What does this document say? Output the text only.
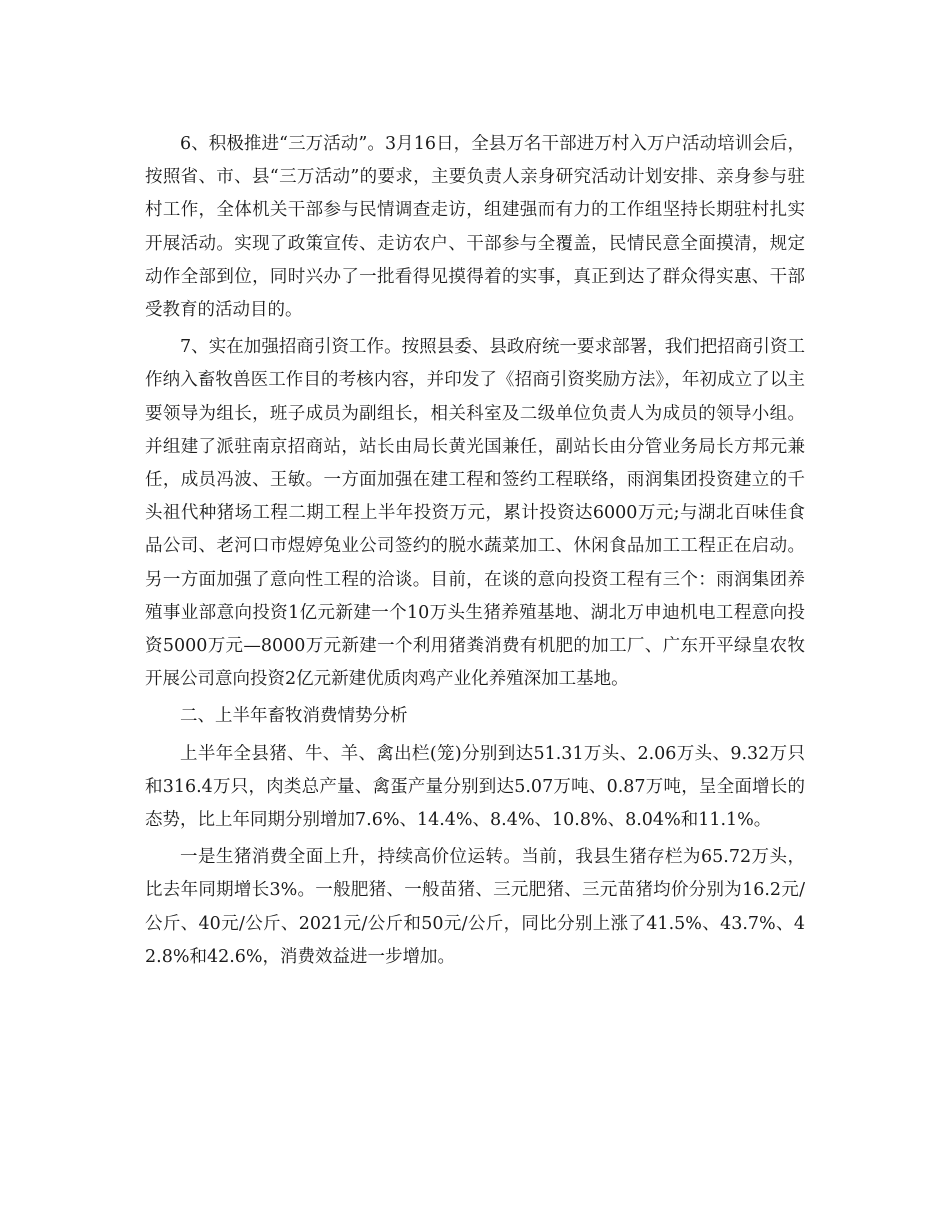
6、积极推进“三万活动”。3月16日，全县万名干部进万村入万户活动培训会后，按照省、市、县“三万活动”的要求，主要负责人亲身研究活动计划安排、亲身参与驻村工作，全体机关干部参与民情调查走访，组建强而有力的工作组坚持长期驻村扎实开展活动。实现了政策宣传、走访农户、干部参与全覆盖，民情民意全面摸清，规定动作全部到位，同时兴办了一批看得见摸得着的实事，真正到达了群众得实惠、干部受教育的活动目的。

7、实在加强招商引资工作。按照县委、县政府统一要求部署，我们把招商引资工作纳入畜牧兽医工作目的考核内容，并印发了《招商引资奖励方法》，年初成立了以主要领导为组长，班子成员为副组长，相关科室及二级单位负责人为成员的领导小组。并组建了派驻南京招商站，站长由局长黄光国兼任，副站长由分管业务局长方邦元兼任，成员冯波、王敏。一方面加强在建工程和签约工程联络，雨润集团投资建立的千头祖代种猪场工程二期工程上半年投资万元，累计投资达6000万元;与湖北百味佳食品公司、老河口市煜婷兔业公司签约的脱水蔬菜加工、休闲食品加工工程正在启动。另一方面加强了意向性工程的洽谈。目前，在谈的意向投资工程有三个：雨润集团养殖事业部意向投资1亿元新建一个10万头生猪养殖基地、湖北万申迪机电工程意向投资5000万元—8000万元新建一个利用猪粪消费有机肥的加工厂、广东开平绿皇农牧开展公司意向投资2亿元新建优质肉鸡产业化养殖深加工基地。

二、上半年畜牧消费情势分析

上半年全县猪、牛、羊、禽出栏(笼)分别到达51.31万头、2.06万头、9.32万只和316.4万只，肉类总产量、禽蛋产量分别到达5.07万吨、0.87万吨，呈全面增长的态势，比上年同期分别增加7.6%、14.4%、8.4%、10.8%、8.04%和11.1%。

一是生猪消费全面上升，持续高价位运转。当前，我县生猪存栏为65.72万头，比去年同期增长3%。一般肥猪、一般苗猪、三元肥猪、三元苗猪均价分别为16.2元/公斤、40元/公斤、2021元/公斤和50元/公斤，同比分别上涨了41.5%、43.7%、42.8%和42.6%，消费效益进一步增加。
